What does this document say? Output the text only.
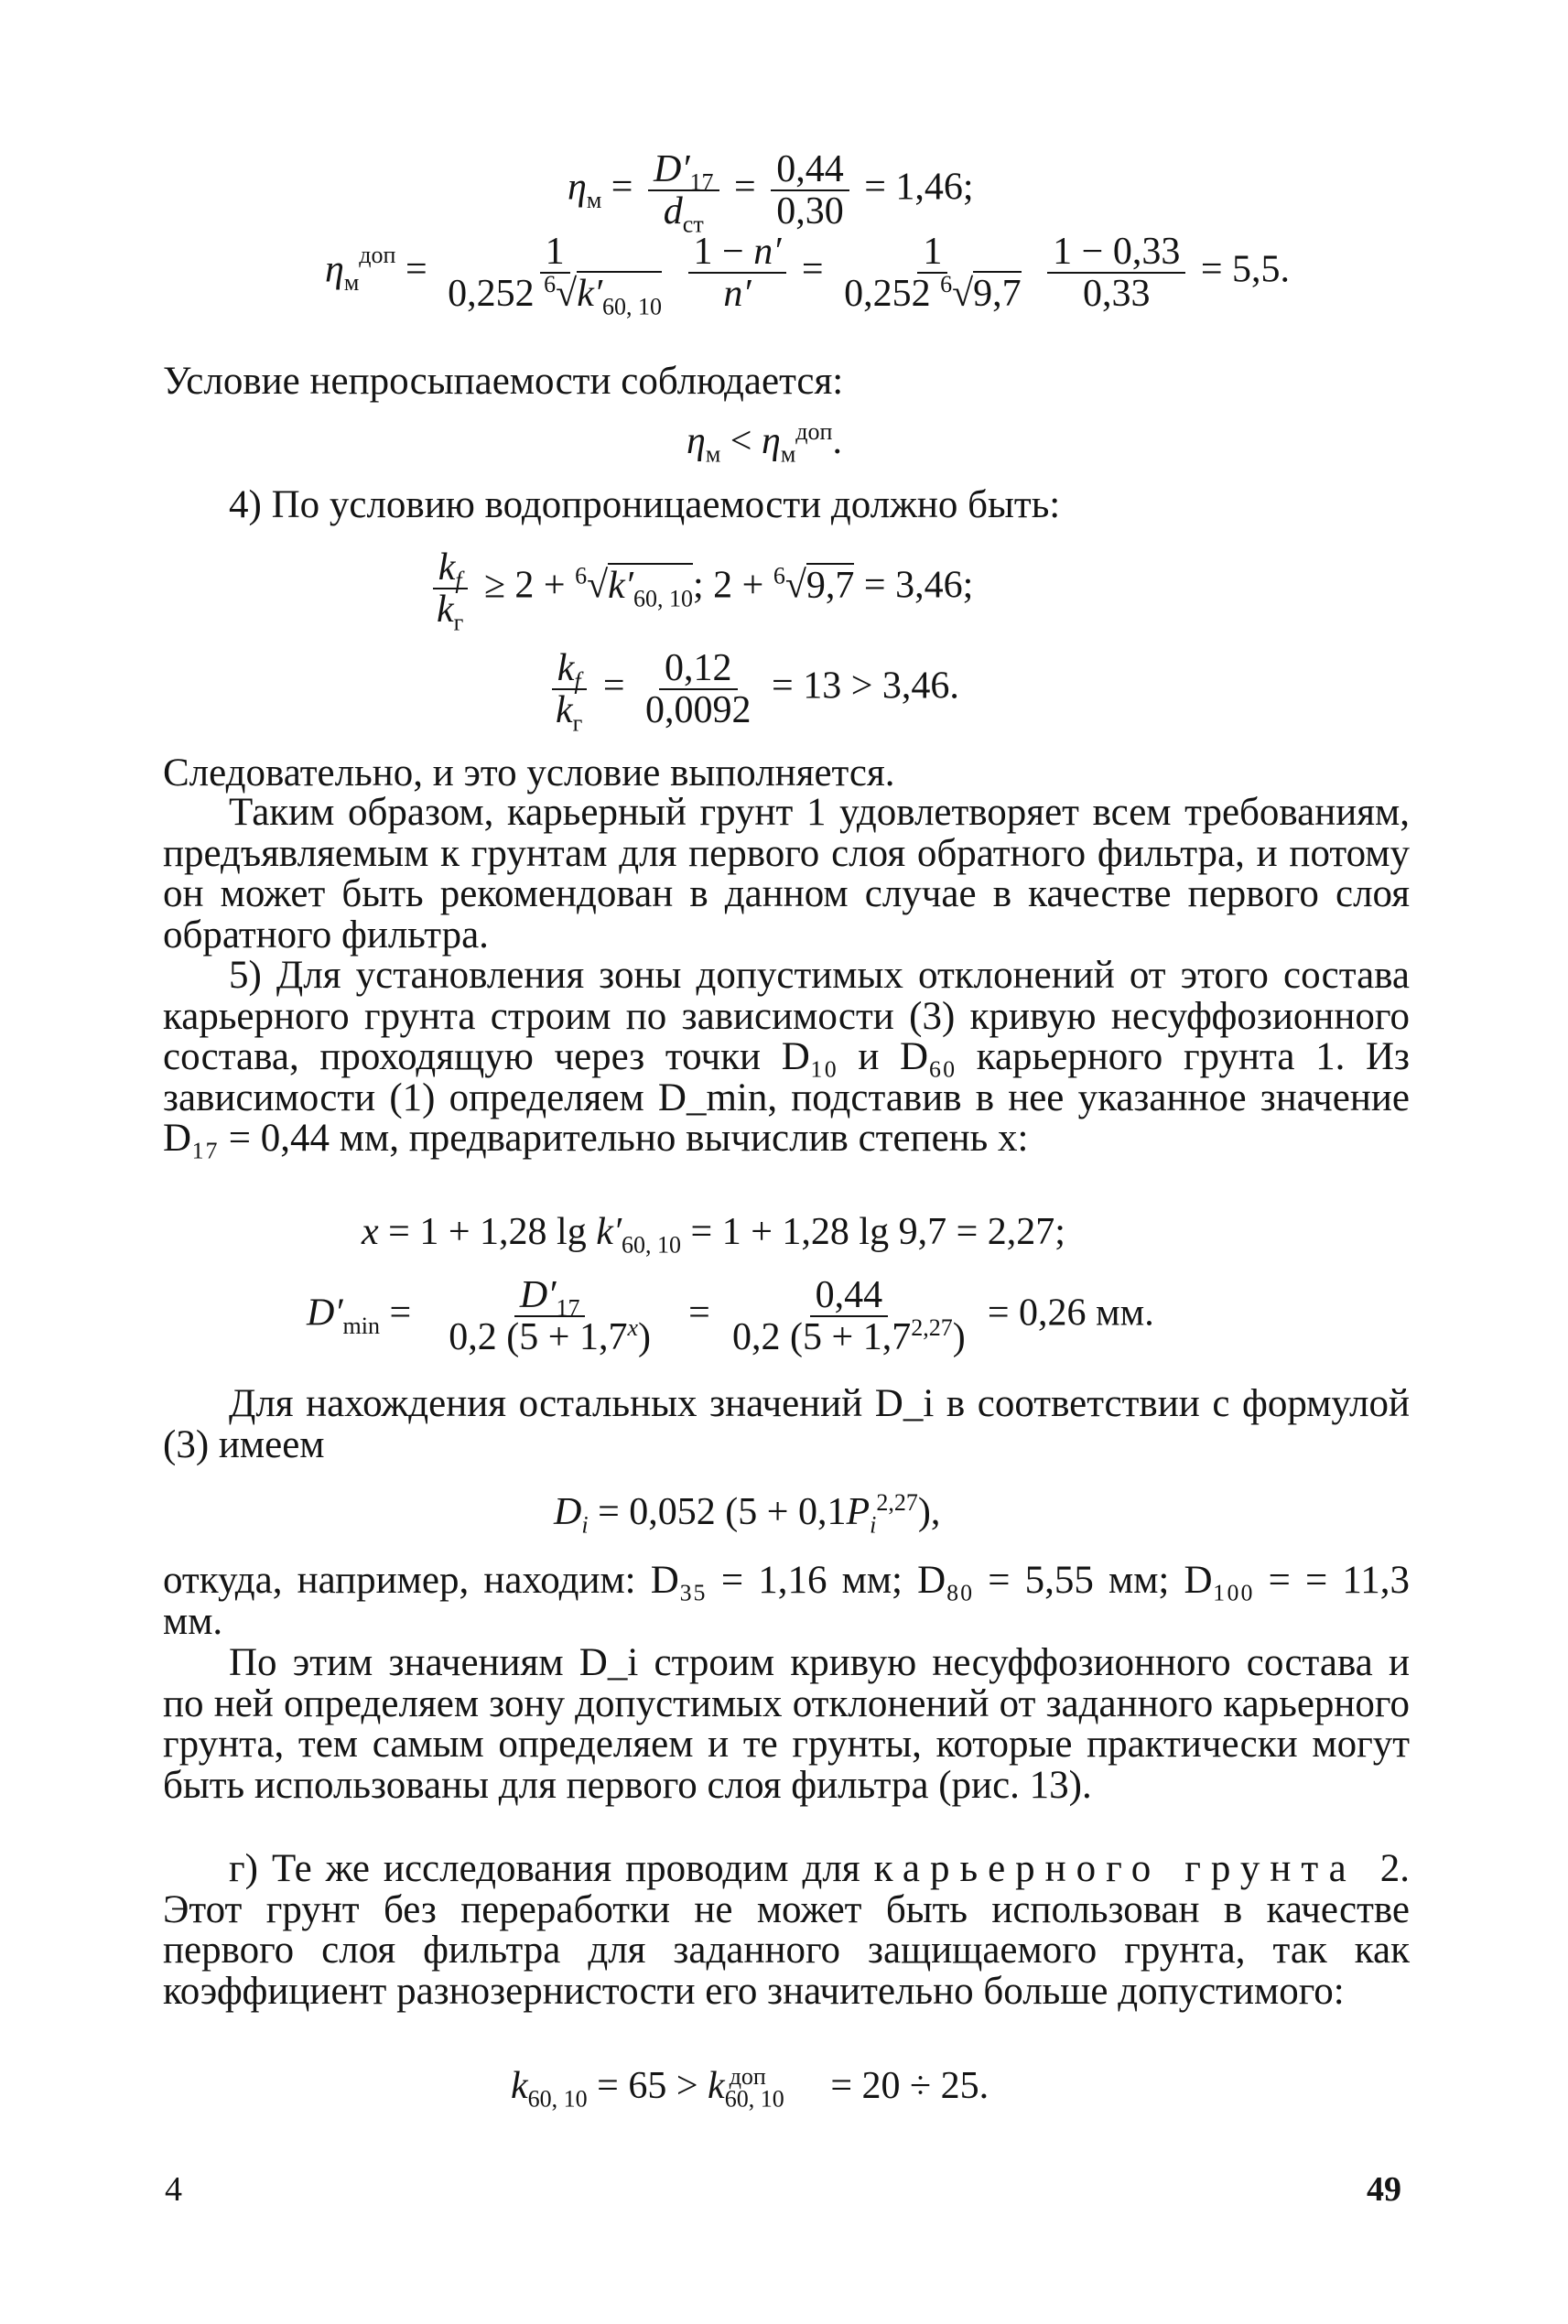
$\eta_м = \frac{D'_{17}}{d_{ст}} = \frac{0,44}{0,30} = 1,46$;
$\eta_м^{доп} = \frac{1}{0,252 ^6√k'_{60, 10}}$
$\frac{1 - n'}{n'} = \frac{1}{0,252 ^6√9,7}$
$\frac{1 - 0,33}{0,33} = 5,5$.
Условие непросыпаемости соблюдается:
$\eta_м < \eta_м^{доп}$.
4) По условию водопроницаемости должно быть:
$\frac{k_f}{k_г} \ge 2 + ^6√k'_{60, 10}$; 2 + $^6$√9,7 = 3,46;
$\frac{k_f}{k_г} = \frac{0,12}{0,0092} = 13 > 3,46$.
Следовательно, и это условие выполняется.
Таким образом, карьерный грунт 1 удовлетворяет всем требованиям, предъявляемым к грунтам для первого слоя обратного фильтра, и потому он может быть рекомендован в данном случае в качестве первого слоя обратного фильтра.
5) Для установления зоны допустимых отклонений от этого состава карьерного грунта строим по зависимости (3) кривую несуффозионного состава, проходящую через точки D₁₀ и D₆₀ карьерного грунта 1. Из зависимости (1) определяем D_min, подставив в нее указанное значение D₁₇ = 0,44 мм, предварительно вычислив степень x:
x = 1 + 1,28 $\lg k'_{60, 10} = 1 + 1,28$ lg 9,7 = 2,27;
$D'_{min} = \frac{D'_{17}}{0,2 (5 + 1,7^x)} = \frac{0,44}{0,2 (5 + 1,7^{2,27})} = 0,26$ мм.
Для нахождения остальных значений D_i в соответствии с формулой (3) имеем
$D_i = 0,052$ $(5 + 0,1P_i^{2,27})$,
откуда, например, находим: D₃₅ = 1,16 мм; D₈₀ = 5,55 мм; D₁₀₀ = = 11,3 мм.
По этим значениям D_i строим кривую несуффозионного состава и по ней определяем зону допустимых отклонений от заданного карьерного грунта, тем самым определяем и те грунты, которые практически могут быть использованы для первого слоя фильтра (рис. 13).
г) Те же исследования проводим для карьерного грунта 2. Этот грунт без переработки не может быть использован в качестве первого слоя фильтра для заданного защищаемого грунта, так как коэффициент разнозернистости его значительно больше допустимого:
$k_{60, 10} = 65 > k_{60, 10}^{доп} = 20 \div 25$.
4	49
